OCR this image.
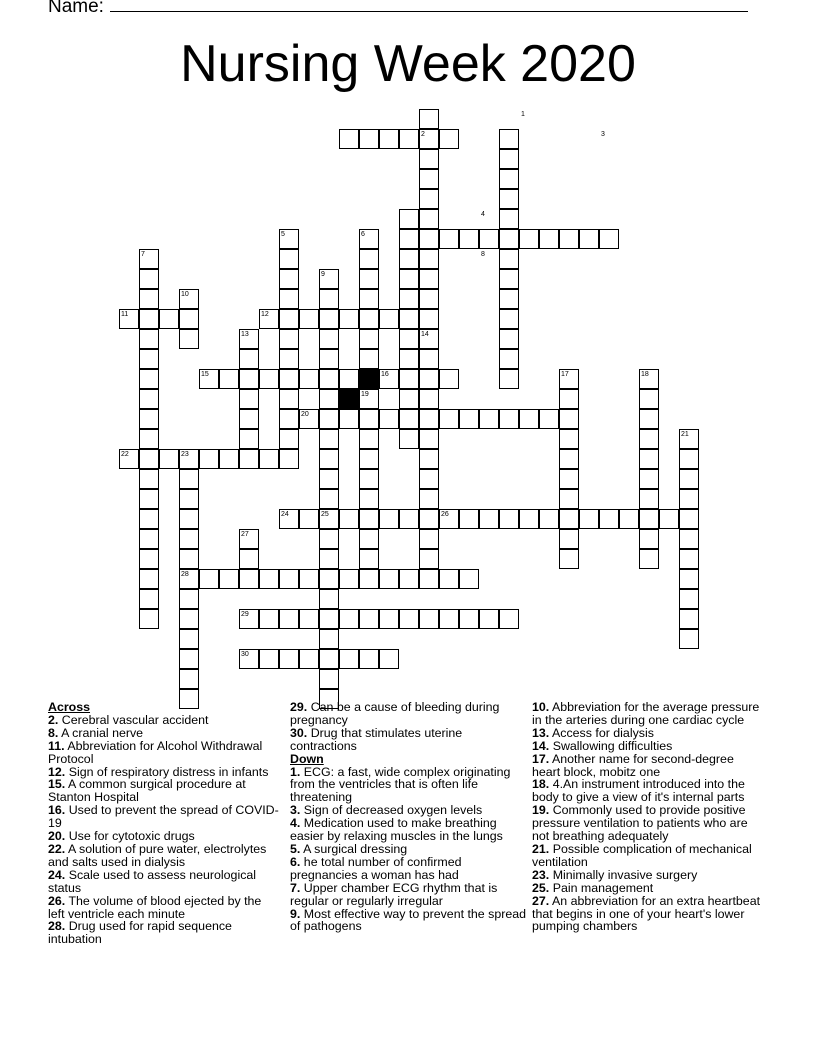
Name:
Nursing Week 2020
1
2	3
4
5	6
7	8
9
10
11	12
13	14
15	16	17	18
19
20
21
22	23
24	25	26
27
28
29
30
Across
2. Cerebral vascular accident
8. A cranial nerve
11. Abbreviation for Alcohol Withdrawal Protocol
12. Sign of respiratory distress in infants
15. A common surgical procedure at Stanton Hospital
16. Used to prevent the spread of COVID-19
20. Use for cytotoxic drugs
22. A solution of pure water, electrolytes and salts used in dialysis
24. Scale used to assess neurological status
26. The volume of blood ejected by the left ventricle each minute
28. Drug used for rapid sequence intubation
29. Can be a cause of bleeding during pregnancy
30. Drug that stimulates uterine contractions
Down
1. ECG: a fast, wide complex originating from the ventricles that is often life threatening
3. Sign of decreased oxygen levels
4. Medication used to make breathing easier by relaxing muscles in the lungs
5. A surgical dressing
6. he total number of confirmed pregnancies a woman has had
7. Upper chamber ECG rhythm that is regular or regularly irregular
9. Most effective way to prevent the spread of pathogens
10. Abbreviation for the average pressure in the arteries during one cardiac cycle
13. Access for dialysis
14. Swallowing difficulties
17. Another name for second-degree heart block, mobitz one
18. 4.An instrument introduced into the body to give a view of it's internal parts
19. Commonly used to provide positive pressure ventilation to patients who are not breathing adequately
21. Possible complication of mechanical ventilation
23. Minimally invasive surgery
25. Pain management
27. An abbreviation for an extra heartbeat that begins in one of your heart's lower pumping chambers
